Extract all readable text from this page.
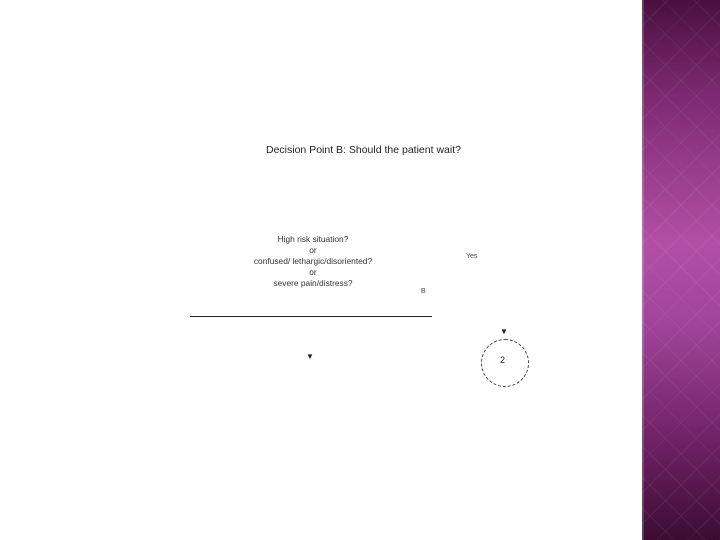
Decision Point B: Should the patient wait?
High risk situation?
or
confused/ lethargic/disoriented?
or
severe pain/distress?
Yes
B
▼
▼
2
